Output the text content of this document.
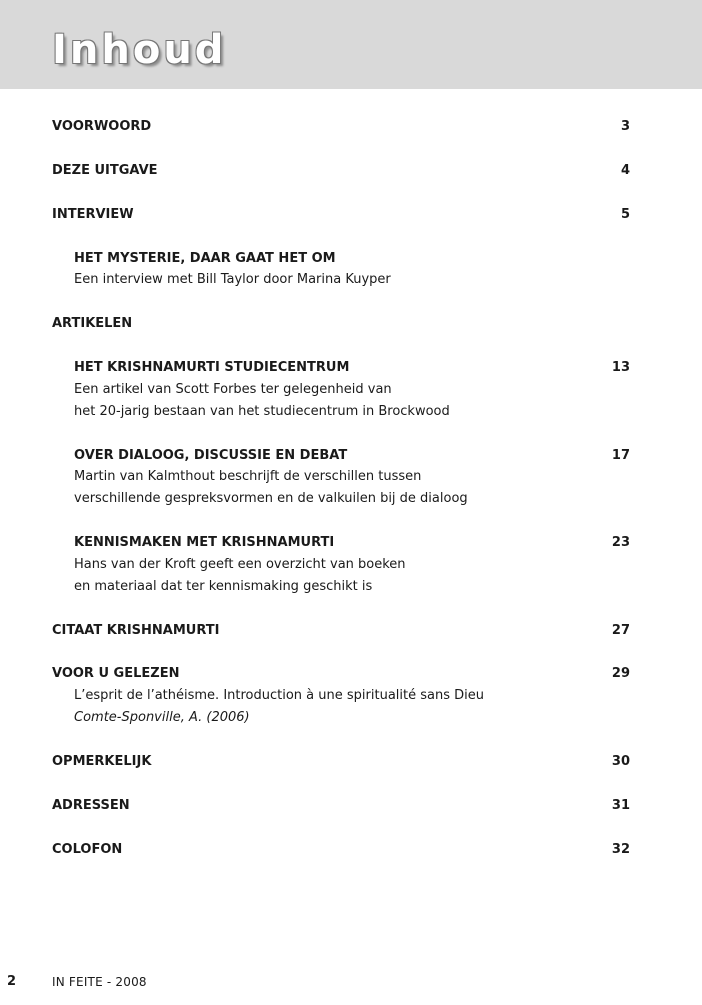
Inhoud
VOORWOORD	3
DEZE UITGAVE	4
INTERVIEW	5
HET MYSTERIE, DAAR GAAT HET OM
Een interview met Bill Taylor door Marina Kuyper
ARTIKELEN
HET KRISHNAMURTI STUDIECENTRUM	13
Een artikel van Scott Forbes ter gelegenheid van
het 20-jarig bestaan van het studiecentrum in Brockwood
OVER DIALOOG, DISCUSSIE EN DEBAT	17
Martin van Kalmthout beschrijft de verschillen tussen
verschillende gespreksvormen en de valkuilen bij de dialoog
KENNISMAKEN MET KRISHNAMURTI	23
Hans van der Kroft geeft een overzicht van boeken
en materiaal dat ter kennismaking geschikt is
CITAAT KRISHNAMURTI	27
VOOR U GELEZEN	29
L’esprit de l’athéisme. Introduction à une spiritualité sans Dieu
Comte-Sponville, A. (2006)
OPMERKELIJK	30
ADRESSEN	31
COLOFON	32
2	IN FEITE - 2008
